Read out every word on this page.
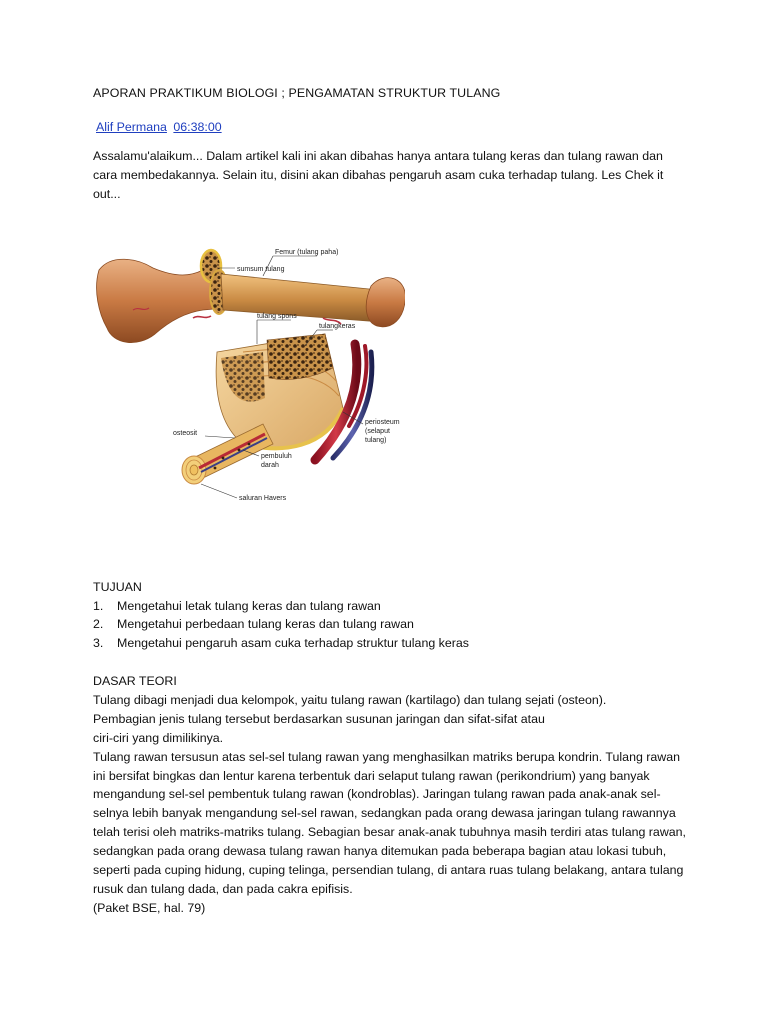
APORAN PRAKTIKUM BIOLOGI ; PENGAMATAN STRUKTUR TULANG
Alif Permana 06:38:00
Assalamu'alaikum... Dalam artikel kali ini akan dibahas hanya antara tulang keras dan tulang rawan dan cara membedakannya. Selain itu, disini akan dibahas pengaruh asam cuka terhadap tulang. Les Chek it out...
Femur (tulang paha)
sumsum tulang
tulang spons
tulangkeras
periosteum
(selaput
tulang)
osteosit
pembuluh
darah
saluran Havers
TUJUAN
1. Mengetahui letak tulang keras dan tulang rawan
2. Mengetahui perbedaan tulang keras dan tulang rawan
3. Mengetahui pengaruh asam cuka terhadap struktur tulang keras

DASAR TEORI

Tulang dibagi menjadi dua kelompok, yaitu tulang rawan (kartilago) dan tulang sejati (osteon).

Pembagian jenis tulang tersebut berdasarkan susunan jaringan dan sifat-sifat atau

ciri-ciri yang dimilikinya.

Tulang rawan tersusun atas sel-sel tulang rawan yang menghasilkan matriks berupa kondrin. Tulang rawan ini bersifat bingkas dan lentur karena terbentuk dari selaput tulang rawan (perikondrium) yang banyak mengandung sel-sel pembentuk tulang rawan (kondroblas). Jaringan tulang rawan pada anak-anak sel-selnya lebih banyak mengandung sel-sel rawan, sedangkan pada orang dewasa jaringan tulang rawannya telah terisi oleh matriks-matriks tulang. Sebagian besar anak-anak tubuhnya masih terdiri atas tulang rawan, sedangkan pada orang dewasa tulang rawan hanya ditemukan pada beberapa bagian atau lokasi tubuh, seperti pada cuping hidung, cuping telinga, persendian tulang, di antara ruas tulang belakang, antara tulang rusuk dan tulang dada, dan pada cakra epifisis.

(Paket BSE, hal. 79)
